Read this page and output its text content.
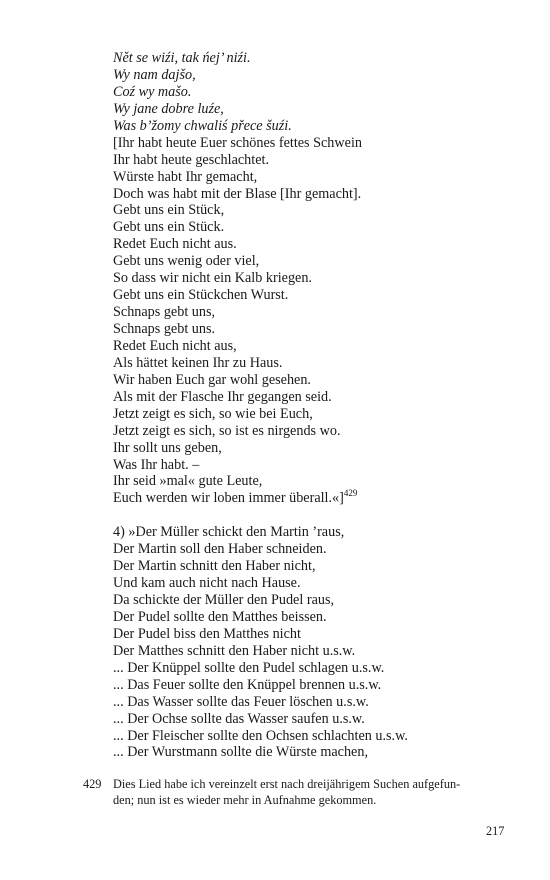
Nět se wiźi, tak ńej’ niźi.
Wy nam dajšo,
Coź wy mašo.
Wy jane dobre luźe,
Was b’žomy chwaliś přece šuźi.
[Ihr habt heute Euer schönes fettes Schwein
Ihr habt heute geschlachtet.
Würste habt Ihr gemacht,
Doch was habt mit der Blase [Ihr gemacht].
Gebt uns ein Stück,
Gebt uns ein Stück.
Redet Euch nicht aus.
Gebt uns wenig oder viel,
So dass wir nicht ein Kalb kriegen.
Gebt uns ein Stückchen Wurst.
Schnaps gebt uns,
Schnaps gebt uns.
Redet Euch nicht aus,
Als hättet keinen Ihr zu Haus.
Wir haben Euch gar wohl gesehen.
Als mit der Flasche Ihr gegangen seid.
Jetzt zeigt es sich, so wie bei Euch,
Jetzt zeigt es sich, so ist es nirgends wo.
Ihr sollt uns geben,
Was Ihr habt. –
Ihr seid »mal« gute Leute,
Euch werden wir loben immer überall.«]$^{429}$
4) »Der Müller schickt den Martin ’raus,
Der Martin soll den Haber schneiden.
Der Martin schnitt den Haber nicht,
Und kam auch nicht nach Hause.
Da schickte der Müller den Pudel raus,
Der Pudel sollte den Matthes beissen.
Der Pudel biss den Matthes nicht
Der Matthes schnitt den Haber nicht u.s.w.
... Der Knüppel sollte den Pudel schlagen u.s.w.
... Das Feuer sollte den Knüppel brennen u.s.w.
... Das Wasser sollte das Feuer löschen u.s.w.
... Der Ochse sollte das Wasser saufen u.s.w.
... Der Fleischer sollte den Ochsen schlachten u.s.w.
... Der Wurstmann sollte die Würste machen,
429 Dies Lied habe ich vereinzelt erst nach dreijährigem Suchen aufgefun-
den; nun ist es wieder mehr in Aufnahme gekommen.
217
